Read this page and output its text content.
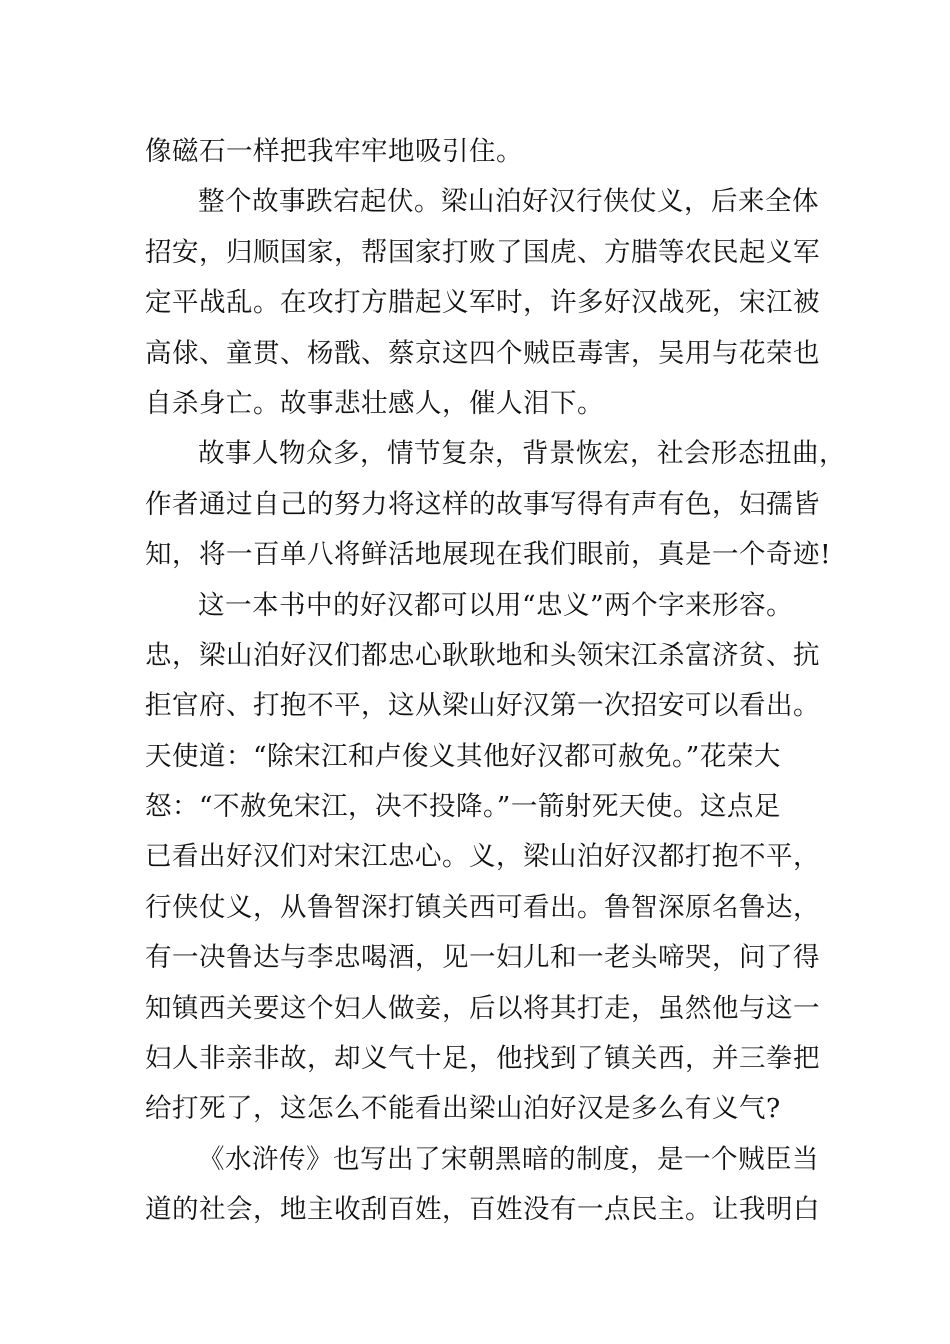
像磁石一样把我牢牢地吸引住。
整个故事跌宕起伏。梁山泊好汉行侠仗义，后来全体
招安，归顺国家，帮国家打败了国虎、方腊等农民起义军
定平战乱。在攻打方腊起义军时，许多好汉战死，宋江被
高俅、童贯、杨戬、蔡京这四个贼臣毒害，吴用与花荣也
自杀身亡。故事悲壮感人，催人泪下。
故事人物众多，情节复杂，背景恢宏，社会形态扭曲，
作者通过自己的努力将这样的故事写得有声有色，妇孺皆
知，将一百单八将鲜活地展现在我们眼前，真是一个奇迹!
这一本书中的好汉都可以用“忠义”两个字来形容。
忠，梁山泊好汉们都忠心耿耿地和头领宋江杀富济贫、抗
拒官府、打抱不平，这从梁山好汉第一次招安可以看出。
天使道：“除宋江和卢俊义其他好汉都可赦免。”花荣大
怒：“不赦免宋江，决不投降。”一箭射死天使。这点足
已看出好汉们对宋江忠心。义，梁山泊好汉都打抱不平，
行侠仗义，从鲁智深打镇关西可看出。鲁智深原名鲁达，
有一决鲁达与李忠喝酒，见一妇儿和一老头啼哭，问了得
知镇西关要这个妇人做妾，后以将其打走，虽然他与这一
妇人非亲非故，却义气十足，他找到了镇关西，并三拳把
给打死了，这怎么不能看出梁山泊好汉是多么有义气?
《水浒传》也写出了宋朝黑暗的制度，是一个贼臣当
道的社会，地主收刮百姓，百姓没有一点民主。让我明白
